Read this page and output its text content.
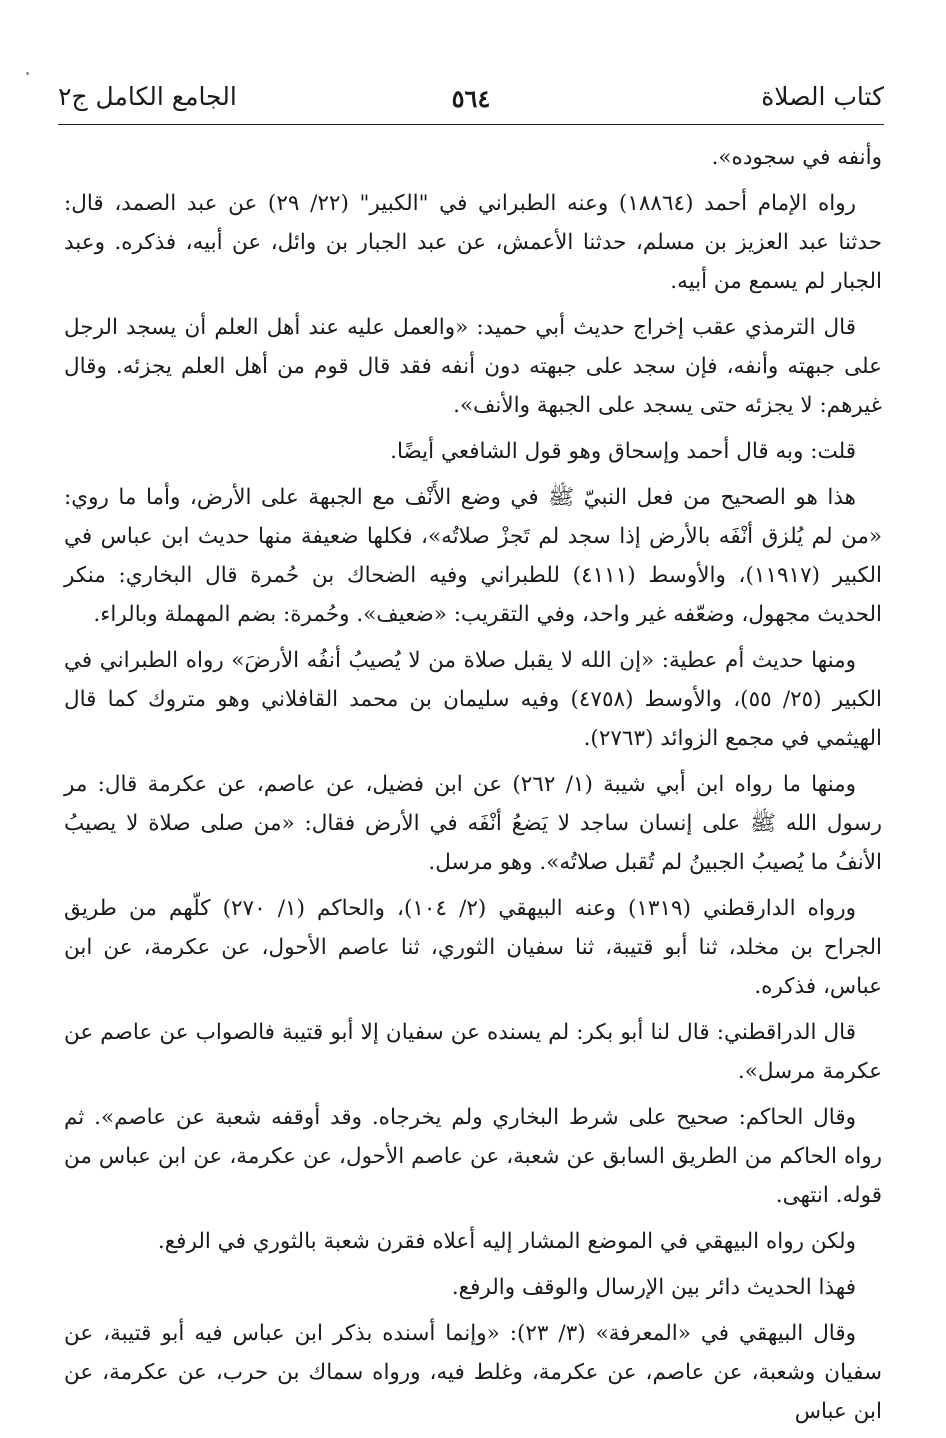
كتاب الصلاة
٥٦٤
الجامع الكامل ج٢

وأنفه في سجوده».

رواه الإمام أحمد (١٨٨٦٤) وعنه الطبراني في "الكبير" (٢٢/ ٢٩) عن عبد الصمد، قال: حدثنا عبد العزيز بن مسلم، حدثنا الأعمش، عن عبد الجبار بن وائل، عن أبيه، فذكره. وعبد الجبار لم يسمع من أبيه.

قال الترمذي عقب إخراج حديث أبي حميد: «والعمل عليه عند أهل العلم أن يسجد الرجل على جبهته وأنفه، فإن سجد على جبهته دون أنفه فقد قال قوم من أهل العلم يجزئه. وقال غيرهم: لا يجزئه حتى يسجد على الجبهة والأنف».

قلت: وبه قال أحمد وإسحاق وهو قول الشافعي أيضًا.

هذا هو الصحيح من فعل النبيّ ﷺ في وضع الأَنْف مع الجبهة على الأرض، وأما ما روي: «من لم يُلزق أنْفَه بالأرض إذا سجد لم تَجزْ صلاتُه»، فكلها ضعيفة منها حديث ابن عباس في الكبير (١١٩١٧)، والأوسط (٤١١١) للطبراني وفيه الضحاك بن حُمرة قال البخاري: منكر الحديث مجهول، وضعّفه غير واحد، وفي التقريب: «ضعيف». وحُمرة: بضم المهملة وبالراء.

ومنها حديث أم عطية: «إن الله لا يقبل صلاة من لا يُصيبُ أنفُه الأرضَ» رواه الطبراني في الكبير (٢٥/ ٥٥)، والأوسط (٤٧٥٨) وفيه سليمان بن محمد القافلاني وهو متروك كما قال الهيثمي في مجمع الزوائد (٢٧٦٣).

ومنها ما رواه ابن أبي شيبة (١/ ٢٦٢) عن ابن فضيل، عن عاصم، عن عكرمة قال: مر رسول الله ﷺ على إنسان ساجد لا يَضعُ أنْفَه في الأرض فقال: «من صلى صلاة لا يصيبُ الأنفُ ما يُصيبُ الجبينُ لم تُقبل صلاتُه». وهو مرسل.

ورواه الدارقطني (١٣١٩) وعنه البيهقي (٢/ ١٠٤)، والحاكم (١/ ٢٧٠) كلّهم من طريق الجراح بن مخلد، ثنا أبو قتيبة، ثنا سفيان الثوري، ثنا عاصم الأحول، عن عكرمة، عن ابن عباس، فذكره.

قال الدراقطني: قال لنا أبو بكر: لم يسنده عن سفيان إلا أبو قتيبة فالصواب عن عاصم عن عكرمة مرسل».

وقال الحاكم: صحيح على شرط البخاري ولم يخرجاه. وقد أوقفه شعبة عن عاصم». ثم رواه الحاكم من الطريق السابق عن شعبة، عن عاصم الأحول، عن عكرمة، عن ابن عباس من قوله. انتهى.

ولكن رواه البيهقي في الموضع المشار إليه أعلاه فقرن شعبة بالثوري في الرفع.

فهذا الحديث دائر بين الإرسال والوقف والرفع.

وقال البيهقي في «المعرفة» (٣/ ٢٣): «وإنما أسنده بذكر ابن عباس فيه أبو قتيبة، عن سفيان وشعبة، عن عاصم، عن عكرمة، وغلط فيه، ورواه سماك بن حرب، عن عكرمة، عن ابن عباس
